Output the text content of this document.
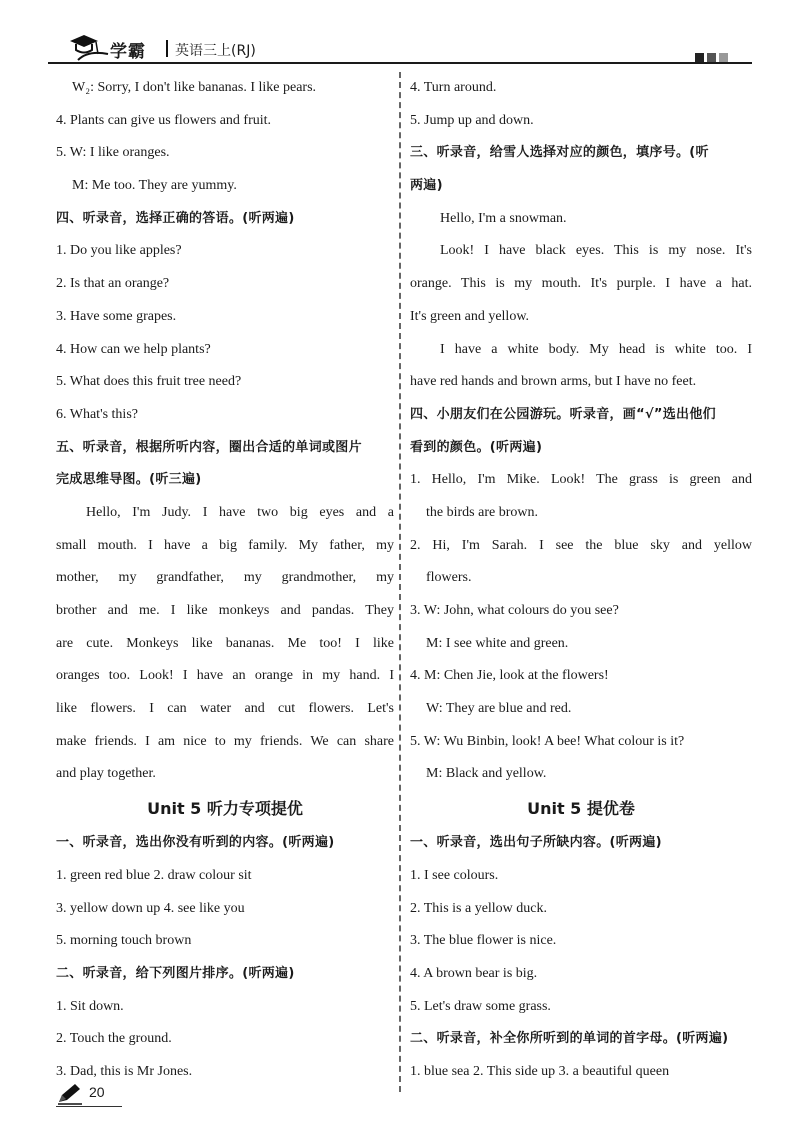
学霸 英语三上(RJ)
W₂: Sorry, I don't like bananas. I like pears.
4. Plants can give us flowers and fruit.
5. W: I like oranges.
M: Me too. They are yummy.
四、听录音，选择正确的答语。(听两遍)
1. Do you like apples?
2. Is that an orange?
3. Have some grapes.
4. How can we help plants?
5. What does this fruit tree need?
6. What's this?
五、听录音，根据所听内容，圈出合适的单词或图片
完成思维导图。(听三遍)
Hello, I'm Judy. I have two big eyes and a
small mouth. I have a big family. My father, my
mother, my grandfather, my grandmother, my
brother and me. I like monkeys and pandas. They
are cute. Monkeys like bananas. Me too! I like
oranges too. Look! I have an orange in my hand. I
like flowers. I can water and cut flowers. Let's
make friends. I am nice to my friends. We can share
and play together.
Unit 5 听力专项提优
一、听录音，选出你没有听到的内容。(听两遍)
1. green red blue 2. draw colour sit
3. yellow down up 4. see like you
5. morning touch brown
二、听录音，给下列图片排序。(听两遍)
1. Sit down.
2. Touch the ground.
3. Dad, this is Mr Jones.
4. Turn around.
5. Jump up and down.
三、听录音，给雪人选择对应的颜色，填序号。(听
两遍)
Hello, I'm a snowman.
Look! I have black eyes. This is my nose. It's
orange. This is my mouth. It's purple. I have a hat.
It's green and yellow.
I have a white body. My head is white too. I
have red hands and brown arms, but I have no feet.
四、小朋友们在公园游玩。听录音，画“√”选出他们
看到的颜色。(听两遍)
1. Hello, I'm Mike. Look! The grass is green and
the birds are brown.
2. Hi, I'm Sarah. I see the blue sky and yellow
flowers.
3. W: John, what colours do you see?
M: I see white and green.
4. M: Chen Jie, look at the flowers!
W: They are blue and red.
5. W: Wu Binbin, look! A bee! What colour is it?
M: Black and yellow.
Unit 5 提优卷
一、听录音，选出句子所缺内容。(听两遍)
1. I see colours.
2. This is a yellow duck.
3. The blue flower is nice.
4. A brown bear is big.
5. Let's draw some grass.
二、听录音，补全你所听到的单词的首字母。(听两遍)
1. blue sea 2. This side up 3. a beautiful queen
20
